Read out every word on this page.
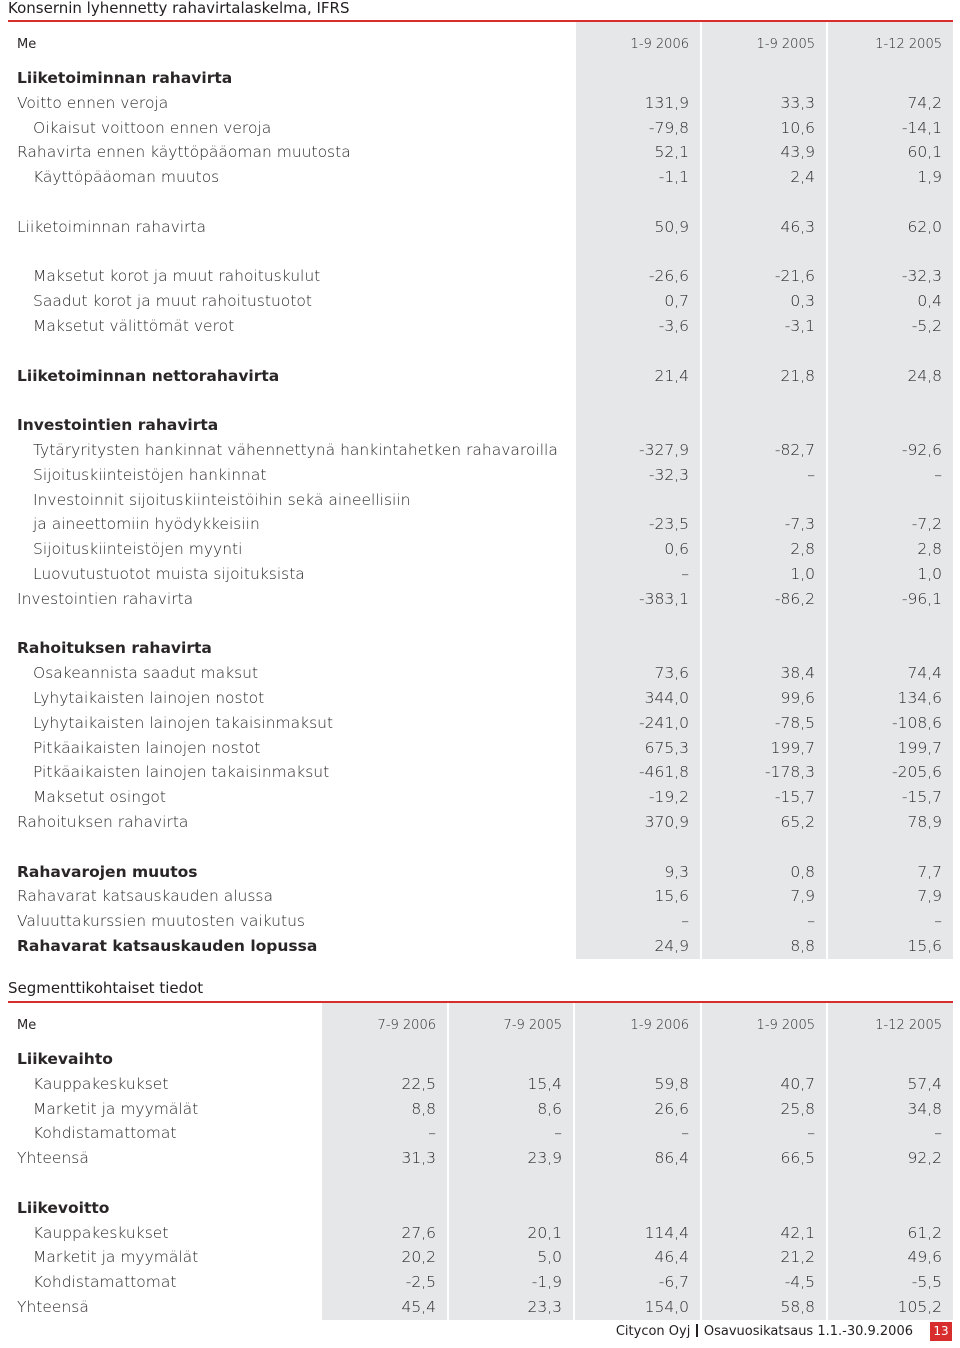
Konsernin lyhennetty rahavirtalaskelma, IFRS
Me	1-9 2006	1-9 2005	1-12 2005
Liiketoiminnan rahavirta			
Voitto ennen veroja	131,9	33,3	74,2
Oikaisut voittoon ennen veroja	-79,8	10,6	-14,1
Rahavirta ennen käyttöpääoman muutosta	52,1	43,9	60,1
Käyttöpääoman muutos	-1,1	2,4	1,9

Liiketoiminnan rahavirta	50,9	46,3	62,0

Maksetut korot ja muut rahoituskulut	-26,6	-21,6	-32,3
Saadut korot ja muut rahoitustuotot	0,7	0,3	0,4
Maksetut välittömät verot	-3,6	-3,1	-5,2

Liiketoiminnan nettorahavirta	21,4	21,8	24,8

Investointien rahavirta			
Tytäryritysten hankinnat vähennettynä hankintahetken rahavaroilla	-327,9	-82,7	-92,6
Sijoituskiinteistöjen hankinnat	-32,3	–	–
Investoinnit sijoituskiinteistöihin sekä aineellisiin			
ja aineettomiin hyödykkeisiin	-23,5	-7,3	-7,2
Sijoituskiinteistöjen myynti	0,6	2,8	2,8
Luovutustuotot muista sijoituksista	–	1,0	1,0
Investointien rahavirta	-383,1	-86,2	-96,1

Rahoituksen rahavirta			
Osakeannista saadut maksut	73,6	38,4	74,4
Lyhytaikaisten lainojen nostot	344,0	99,6	134,6
Lyhytaikaisten lainojen takaisinmaksut	-241,0	-78,5	-108,6
Pitkäaikaisten lainojen nostot	675,3	199,7	199,7
Pitkäaikaisten lainojen takaisinmaksut	-461,8	-178,3	-205,6
Maksetut osingot	-19,2	-15,7	-15,7
Rahoituksen rahavirta	370,9	65,2	78,9

Rahavarojen muutos	9,3	0,8	7,7
Rahavarat katsauskauden alussa	15,6	7,9	7,9
Valuuttakurssien muutosten vaikutus	–	–	–
Rahavarat katsauskauden lopussa	24,9	8,8	15,6
Segmenttikohtaiset tiedot
Me	7-9 2006	7-9 2005	1-9 2006	1-9 2005	1-12 2005
Liikevaihto					
Kauppakeskukset	22,5	15,4	59,8	40,7	57,4
Marketit ja myymälät	8,8	8,6	26,6	25,8	34,8
Kohdistamattomat	–	–	–	–	–
Yhteensä	31,3	23,9	86,4	66,5	92,2

Liikevoitto					
Kauppakeskukset	27,6	20,1	114,4	42,1	61,2
Marketit ja myymälät	20,2	5,0	46,4	21,2	49,6
Kohdistamattomat	-2,5	-1,9	-6,7	-4,5	-5,5
Yhteensä	45,4	23,3	154,0	58,8	105,2
Citycon Oyj Osavuosikatsaus 1.1.-30.9.2006 13
